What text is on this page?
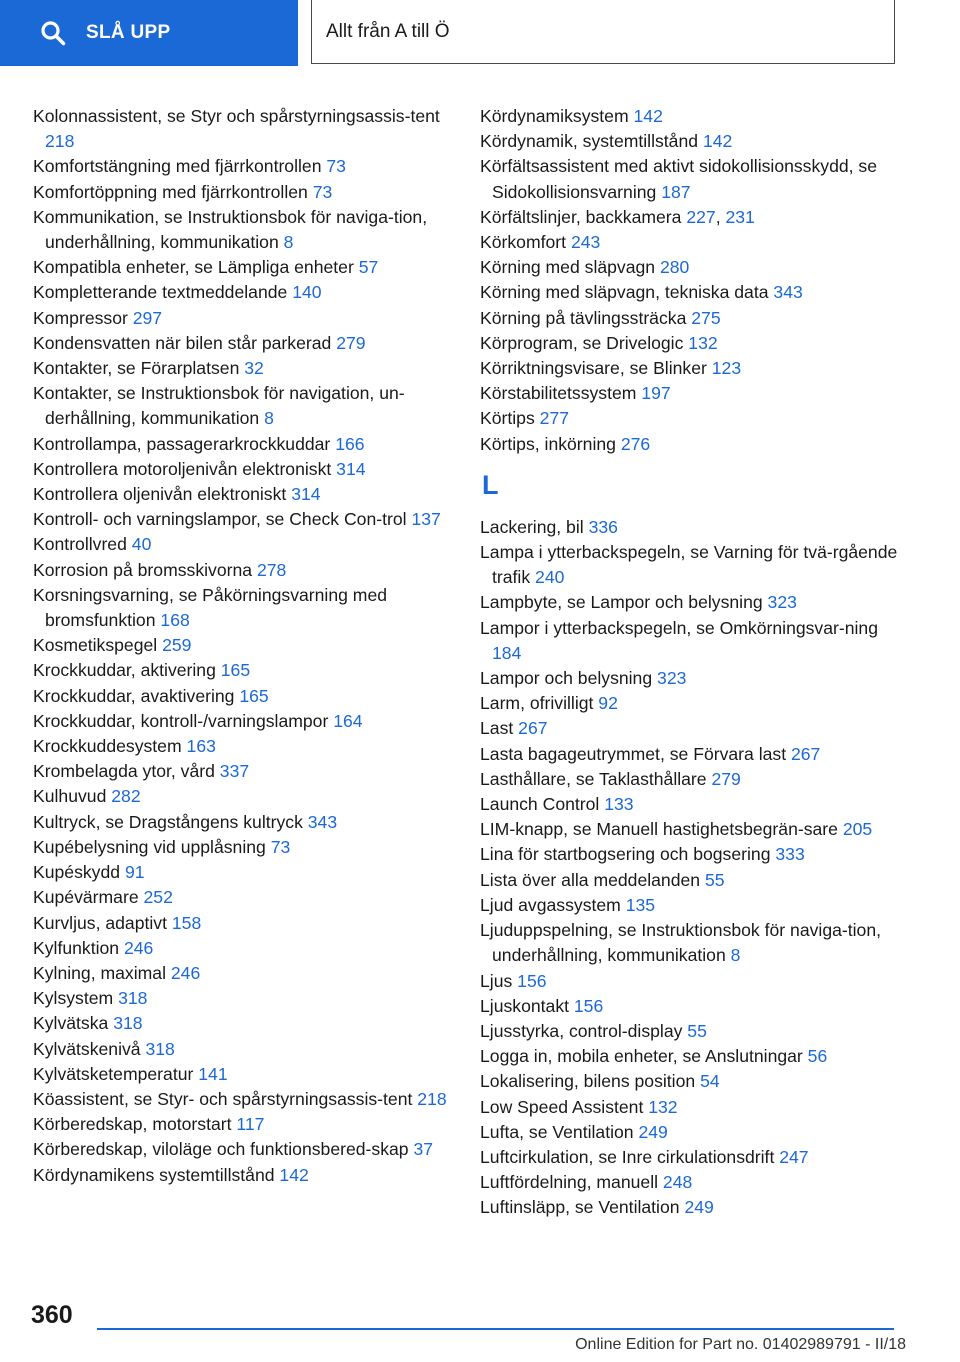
SLÅ UPP	Allt från A till Ö
Kolonnassistent, se Styr och spårstyrningsassis-tent 218
Komfortstängning med fjärrkontrollen 73
Komfortöppning med fjärrkontrollen 73
Kommunikation, se Instruktionsbok för naviga-tion, underhållning, kommunikation 8
Kompatibla enheter, se Lämpliga enheter 57
Kompletterande textmeddelande 140
Kompressor 297
Kondensvatten när bilen står parkerad 279
Kontakter, se Förarplatsen 32
Kontakter, se Instruktionsbok för navigation, un-derhållning, kommunikation 8
Kontrollampa, passagerarkrockkuddar 166
Kontrollera motoroljenivån elektroniskt 314
Kontrollera oljenivån elektroniskt 314
Kontroll- och varningslampor, se Check Con-trol 137
Kontrollvred 40
Korrosion på bromsskivorna 278
Korsningsvarning, se Påkörningsvarning med bromsfunktion 168
Kosmetikspegel 259
Krockkuddar, aktivering 165
Krockkuddar, avaktivering 165
Krockkuddar, kontroll-/varningslampor 164
Krockkuddesystem 163
Krombelagda ytor, vård 337
Kulhuvud 282
Kultryck, se Dragstångens kultryck 343
Kupébelysning vid upplåsning 73
Kupéskydd 91
Kupévärmare 252
Kurvljus, adaptivt 158
Kylfunktion 246
Kylning, maximal 246
Kylsystem 318
Kylvätska 318
Kylvätskenivå 318
Kylvätsketemperatur 141
Köassistent, se Styr- och spårstyrningsassis-tent 218
Körberedskap, motorstart 117
Körberedskap, viloläge och funktionsbered-skap 37
Kördynamikens systemtillstånd 142
Kördynamiksystem 142
Kördynamik, systemtillstånd 142
Körfältsassistent med aktivt sidokollisionsskydd, se Sidokollisionsvarning 187
Körfältslinjer, backkamera 227, 231
Körkomfort 243
Körning med släpvagn 280
Körning med släpvagn, tekniska data 343
Körning på tävlingssträcka 275
Körprogram, se Drivelogic 132
Körriktningsvisare, se Blinker 123
Körstabilitetssystem 197
Körtips 277
Körtips, inkörning 276
L
Lackering, bil 336
Lampa i ytterbackspegeln, se Varning för tvä-rgående trafik 240
Lampbyte, se Lampor och belysning 323
Lampor i ytterbackspegeln, se Omkörningsvar-ning 184
Lampor och belysning 323
Larm, ofrivilligt 92
Last 267
Lasta bagageutrymmet, se Förvara last 267
Lasthållare, se Taklasthållare 279
Launch Control 133
LIM-knapp, se Manuell hastighetsbegrän-sare 205
Lina för startbogsering och bogsering 333
Lista över alla meddelanden 55
Ljud avgassystem 135
Ljuduppspelning, se Instruktionsbok för naviga-tion, underhållning, kommunikation 8
Ljus 156
Ljuskontakt 156
Ljusstyrka, control-display 55
Logga in, mobila enheter, se Anslutningar 56
Lokalisering, bilens position 54
Low Speed Assistent 132
Lufta, se Ventilation 249
Luftcirkulation, se Inre cirkulationsdrift 247
Luftfördelning, manuell 248
Luftinsläpp, se Ventilation 249
360
Online Edition for Part no. 01402989791 - II/18
